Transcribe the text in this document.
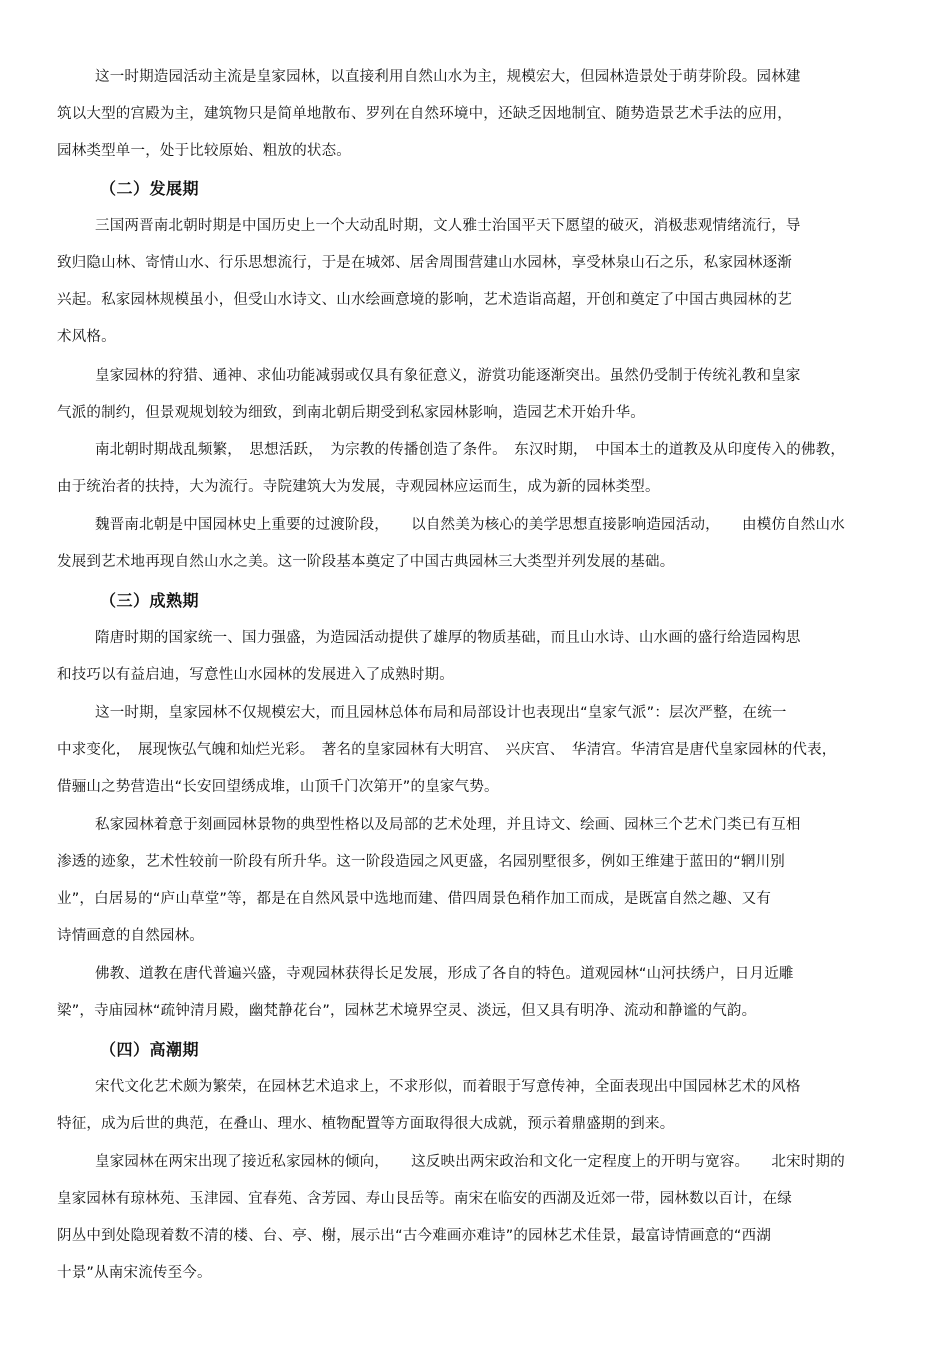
这一时期造园活动主流是皇家园林，以直接利用自然山水为主，规模宏大，但园林造景处于萌芽阶段。园林建

筑以大型的宫殿为主，建筑物只是简单地散布、罗列在自然环境中，还缺乏因地制宜、随势造景艺术手法的应用，

园林类型单一，处于比较原始、粗放的状态。

（二）发展期

三国两晋南北朝时期是中国历史上一个大动乱时期，文人雅士治国平天下愿望的破灭，消极悲观情绪流行，导

致归隐山林、寄情山水、行乐思想流行，于是在城郊、居舍周围营建山水园林，享受林泉山石之乐，私家园林逐渐

兴起。私家园林规模虽小，但受山水诗文、山水绘画意境的影响，艺术造诣高超，开创和奠定了中国古典园林的艺

术风格。

皇家园林的狩猎、通神、求仙功能减弱或仅具有象征意义，游赏功能逐渐突出。虽然仍受制于传统礼教和皇家

气派的制约，但景观规划较为细致，到南北朝后期受到私家园林影响，造园艺术开始升华。

南北朝时期战乱频繁，　思想活跃，　为宗教的传播创造了条件。　东汉时期，　中国本土的道教及从印度传入的佛教，

由于统治者的扶持，大为流行。寺院建筑大为发展，寺观园林应运而生，成为新的园林类型。

魏晋南北朝是中国园林史上重要的过渡阶段，　　以自然美为核心的美学思想直接影响造园活动，　　由模仿自然山水

发展到艺术地再现自然山水之美。这一阶段基本奠定了中国古典园林三大类型并列发展的基础。

（三）成熟期

隋唐时期的国家统一、国力强盛，为造园活动提供了雄厚的物质基础，而且山水诗、山水画的盛行给造园构思

和技巧以有益启迪，写意性山水园林的发展进入了成熟时期。

这一时期，皇家园林不仅规模宏大，而且园林总体布局和局部设计也表现出“皇家气派”：层次严整，在统一

中求变化，　展现恢弘气魄和灿烂光彩。　著名的皇家园林有大明宫、　兴庆宫、　华清宫。华清宫是唐代皇家园林的代表，

借骊山之势营造出“长安回望绣成堆，山顶千门次第开”的皇家气势。

私家园林着意于刻画园林景物的典型性格以及局部的艺术处理，并且诗文、绘画、园林三个艺术门类已有互相

渗透的迹象，艺术性较前一阶段有所升华。这一阶段造园之风更盛，名园别墅很多，例如王维建于蓝田的“辋川别

业”，白居易的“庐山草堂”等，都是在自然风景中选地而建、借四周景色稍作加工而成，是既富自然之趣、又有

诗情画意的自然园林。

佛教、道教在唐代普遍兴盛，寺观园林获得长足发展，形成了各自的特色。道观园林“山河扶绣户，日月近雕

梁”，寺庙园林“疏钟清月殿，幽梵静花台”，园林艺术境界空灵、淡远，但又具有明净、流动和静谧的气韵。

（四）高潮期

宋代文化艺术颇为繁荣，在园林艺术追求上，不求形似，而着眼于写意传神，全面表现出中国园林艺术的风格

特征，成为后世的典范，在叠山、理水、植物配置等方面取得很大成就，预示着鼎盛期的到来。

皇家园林在两宋出现了接近私家园林的倾向，　　这反映出两宋政治和文化一定程度上的开明与宽容。　　北宋时期的

皇家园林有琼林苑、玉津园、宜春苑、含芳园、寿山艮岳等。南宋在临安的西湖及近郊一带，园林数以百计，在绿

阴丛中到处隐现着数不清的楼、台、亭、榭，展示出“古今难画亦难诗”的园林艺术佳景，最富诗情画意的“西湖

十景”从南宋流传至今。
